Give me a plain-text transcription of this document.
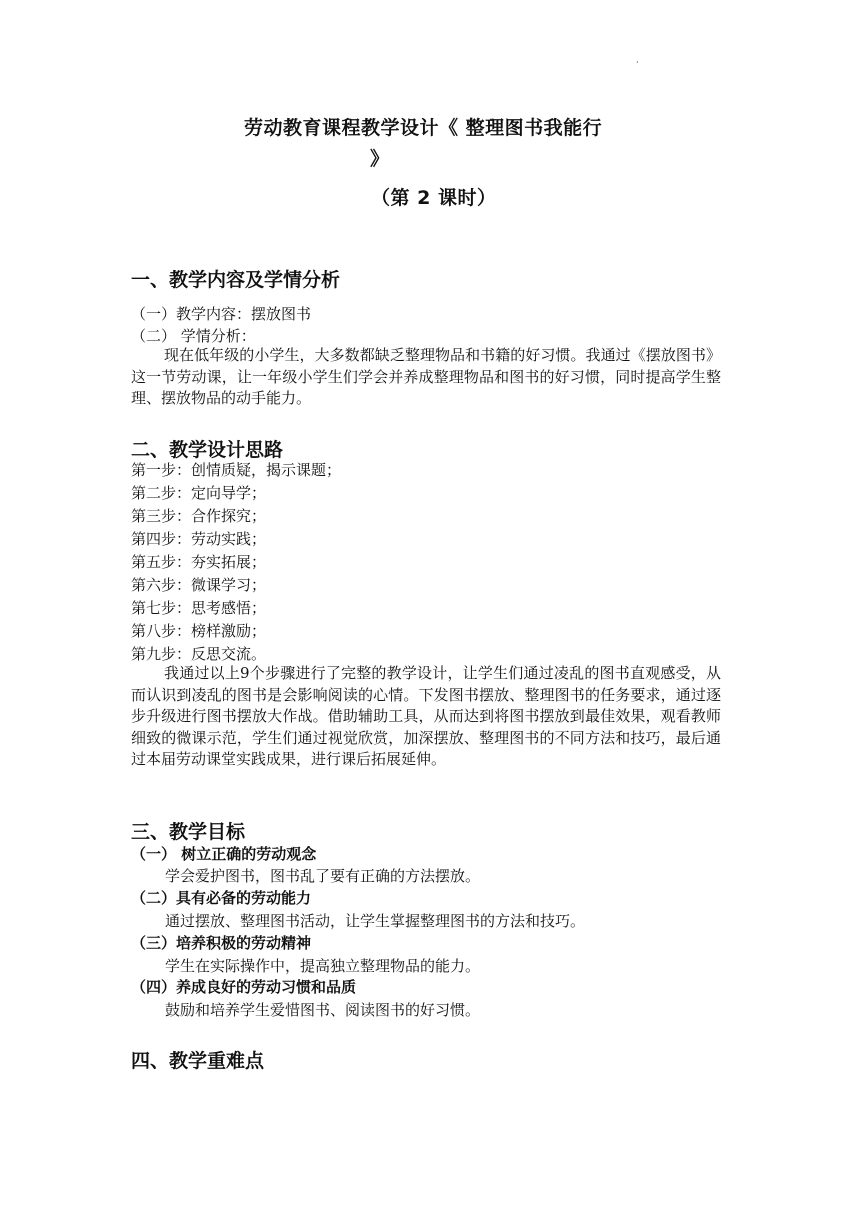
·
劳动教育课程教学设计《 整理图书我能行
》
（第 2 课时）
一、教学内容及学情分析
（一）教学内容：摆放图书
（二） 学情分析：
现在低年级的小学生，大多数都缺乏整理物品和书籍的好习惯。我通过《摆放图书》这一节劳动课，让一年级小学生们学会并养成整理物品和图书的好习惯，同时提高学生整理、摆放物品的动手能力。
二、教学设计思路
第一步：创情质疑，揭示课题；
第二步：定向导学；
第三步：合作探究；
第四步：劳动实践；
第五步：夯实拓展；
第六步：微课学习；
第七步：思考感悟；
第八步：榜样激励；
第九步：反思交流。
我通过以上9个步骤进行了完整的教学设计，让学生们通过凌乱的图书直观感受，从而认识到凌乱的图书是会影响阅读的心情。下发图书摆放、整理图书的任务要求，通过逐步升级进行图书摆放大作战。借助辅助工具，从而达到将图书摆放到最佳效果，观看教师细致的微课示范，学生们通过视觉欣赏，加深摆放、整理图书的不同方法和技巧，最后通过本届劳动课堂实践成果，进行课后拓展延伸。
三、教学目标
（一） 树立正确的劳动观念
学会爱护图书，图书乱了要有正确的方法摆放。
（二）具有必备的劳动能力
通过摆放、整理图书活动，让学生掌握整理图书的方法和技巧。
（三）培养积极的劳动精神
学生在实际操作中，提高独立整理物品的能力。
（四）养成良好的劳动习惯和品质
鼓励和培养学生爱惜图书、阅读图书的好习惯。
四、教学重难点
